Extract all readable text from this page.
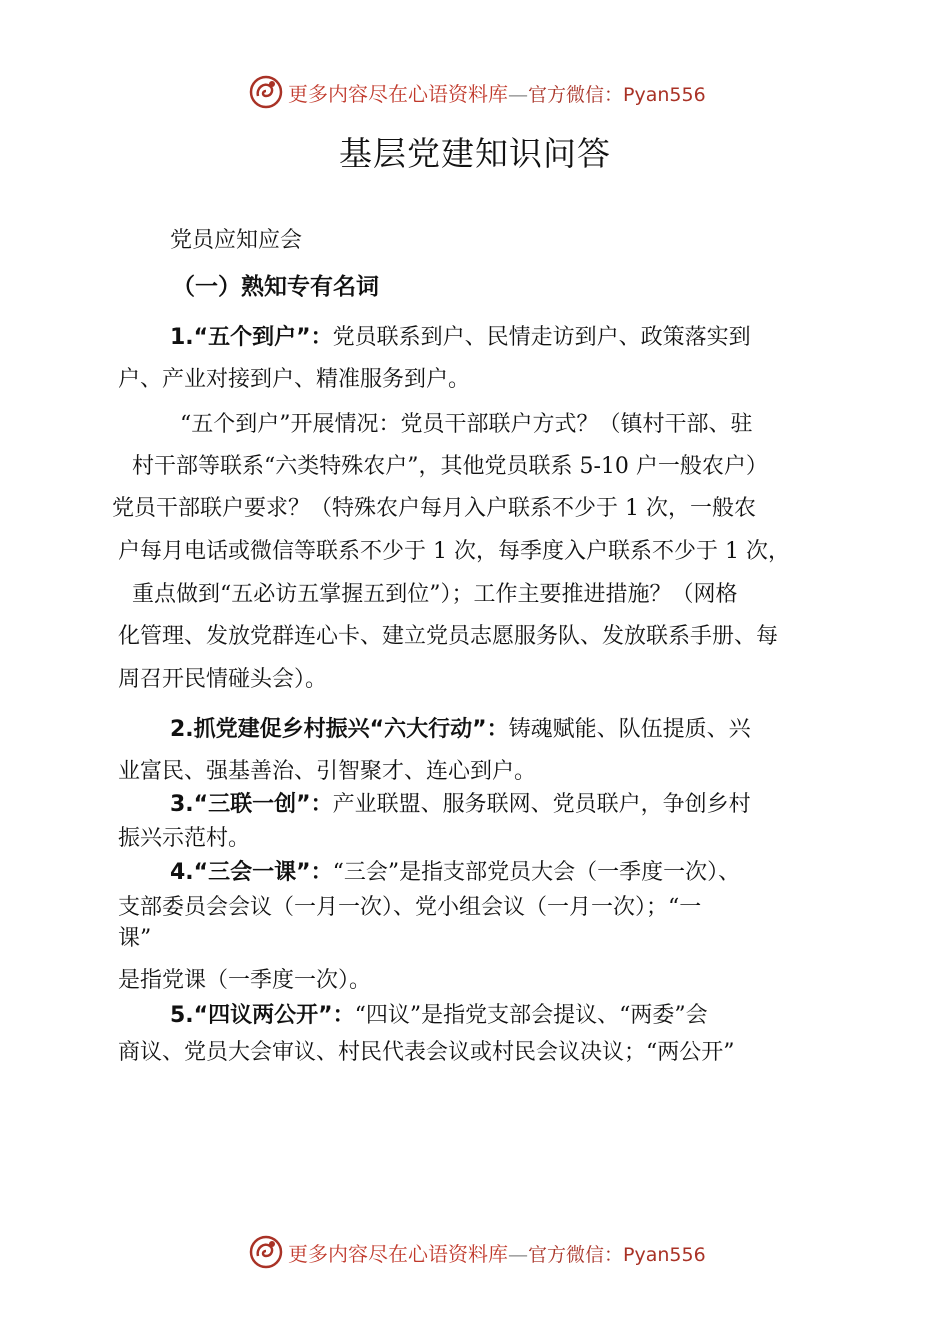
更多内容尽在心语资料库—官方微信：Pyan556
基层党建知识问答
党员应知应会
（一）熟知专有名词
1.“五个到户”：党员联系到户、民情走访到户、政策落实到
户、产业对接到户、精准服务到户。
“五个到户”开展情况：党员干部联户方式？（镇村干部、驻
村干部等联系“六类特殊农户”，其他党员联系 5-10 户一般农户）
党员干部联户要求？（特殊农户每月入户联系不少于 1 次，一般农
户每月电话或微信等联系不少于 1 次，每季度入户联系不少于 1 次，
重点做到“五必访五掌握五到位”）；工作主要推进措施？（网格
化管理、发放党群连心卡、建立党员志愿服务队、发放联系手册、每
周召开民情碰头会）。
2.抓党建促乡村振兴“六大行动”：铸魂赋能、队伍提质、兴
业富民、强基善治、引智聚才、连心到户。
3.“三联一创”：产业联盟、服务联网、党员联户，争创乡村
振兴示范村。
4.“三会一课”：“三会”是指支部党员大会（一季度一次）、
支部委员会会议（一月一次）、党小组会议（一月一次）；“一
课”
是指党课（一季度一次）。
5.“四议两公开”：“四议”是指党支部会提议、“两委”会
商议、党员大会审议、村民代表会议或村民会议决议；“两公开”
更多内容尽在心语资料库—官方微信：Pyan556
